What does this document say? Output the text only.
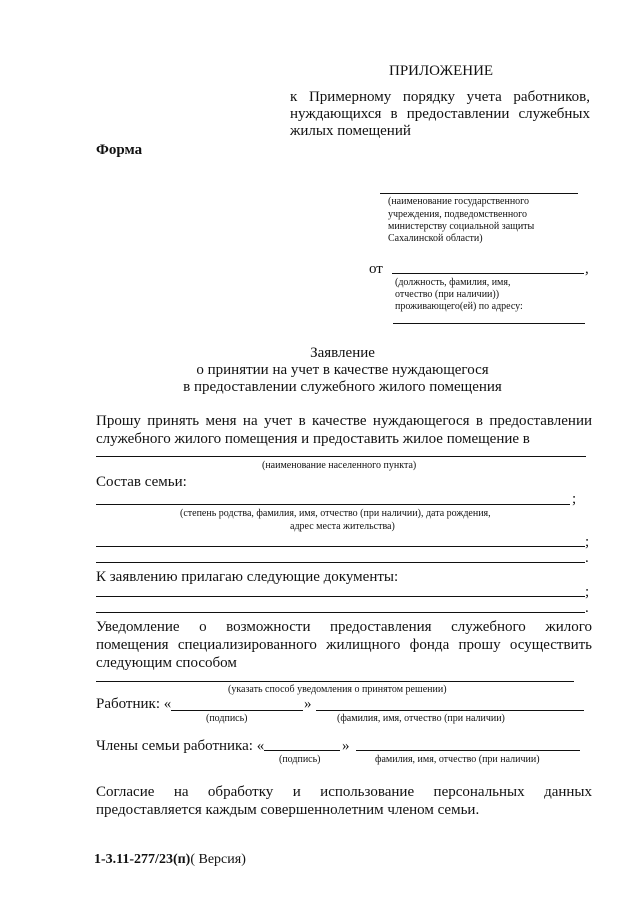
ПРИЛОЖЕНИЕ
к Примерному порядку учета работников,
нуждающихся в предоставлении служебных
жилых помещений
Форма
(наименование государственного
учреждения, подведомственного
министерству социальной защиты
Сахалинской области)
от	,
(должность, фамилия, имя,
отчество (при наличии))
проживающего(ей) по адресу:
Заявление
о принятии на учет в качестве нуждающегося
в предоставлении служебного жилого помещения
Прошу принять меня на учет в качестве нуждающегося в предоставлении
служебного жилого помещения и предоставить жилое помещение в
(наименование населенного пункта)
Состав семьи:
;
(степень родства, фамилия, имя, отчество (при наличии), дата рождения,
адрес места жительства)
;
.
К заявлению прилагаю следующие документы:
;
.
Уведомление о возможности предоставления служебного жилого
помещения специализированного жилищного фонда прошу осуществить
следующим способом
(указать способ уведомления о принятом решении)
Работник: «	»
(подпись)	(фамилия, имя, отчество (при наличии)
Члены семьи работника: «	»
(подпись)	фамилия, имя, отчество (при наличии)
Согласие на обработку и использование персональных данных
предоставляется каждым совершеннолетним членом семьи.
1-3.11-277/23(п)( Версия)
